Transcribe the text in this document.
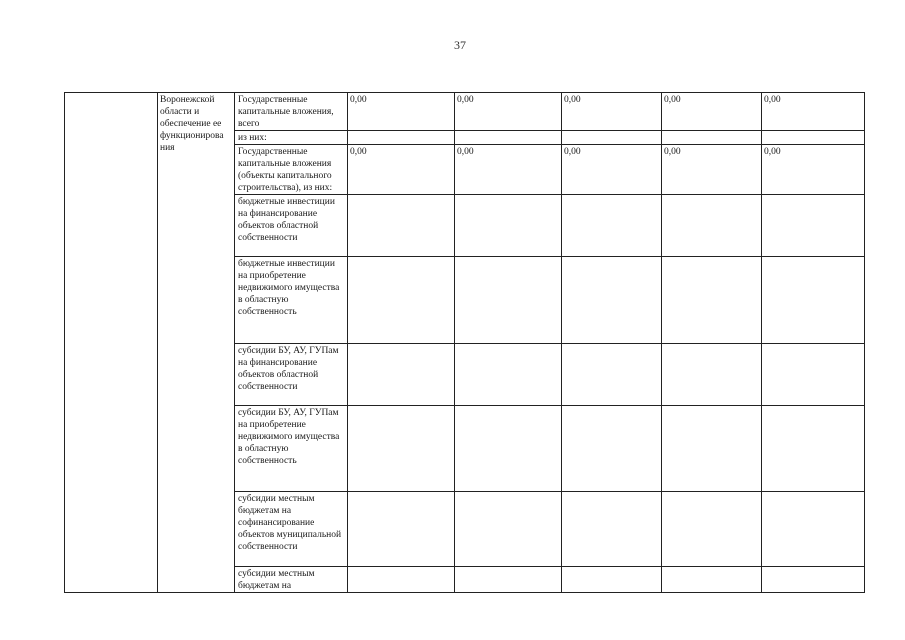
37
	Воронежской области и обеспечение ее функционирова ния	Государственные капитальные вложения, всего	0,00	0,00	0,00	0,00	0,00
		из них:					
		Государственные капитальные вложения (объекты капитального строительства), из них:	0,00	0,00	0,00	0,00	0,00
		бюджетные инвестиции на финансирование объектов областной собственности					
		бюджетные инвестиции на приобретение недвижимого имущества в областную собственность					
		субсидии БУ, АУ, ГУПам на финансирование объектов областной собственности					
		субсидии БУ, АУ, ГУПам на приобретение недвижимого имущества в областную собственность					
		субсидии местным бюджетам на софинансирование объектов муниципальной собственности					
		субсидии местным бюджетам на					
